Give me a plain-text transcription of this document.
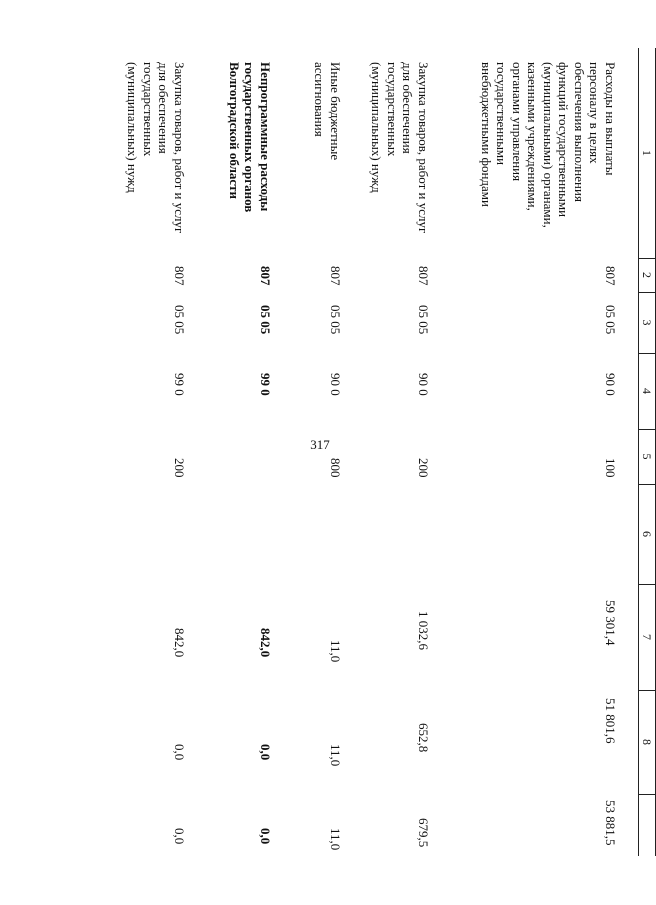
317
1
2
3
4
5
6
7
8
Расходы на выплаты персоналу в целях обеспечения выполнения функций государственными (муниципальными) органами, казенными учреждениями, органами управления государственными внебюджетными фондами
807
05 05
90 0
100
59 301,4
51 801,6
53 881,5
Закупка товаров, работ и услуг для обеспечения государственных (муниципальных) нужд
807
05 05
90 0
200
1 032,6
652,8
679,5
Иные бюджетные ассигнования
807
05 05
90 0
800
11,0
11,0
11,0
Непрограммные расходы государственных органов Волгоградской области
807
05 05
99 0
842,0
0,0
0,0
Закупка товаров, работ и услуг для обеспечения государственных (муниципальных) нужд
807
05 05
99 0
200
842,0
0,0
0,0
